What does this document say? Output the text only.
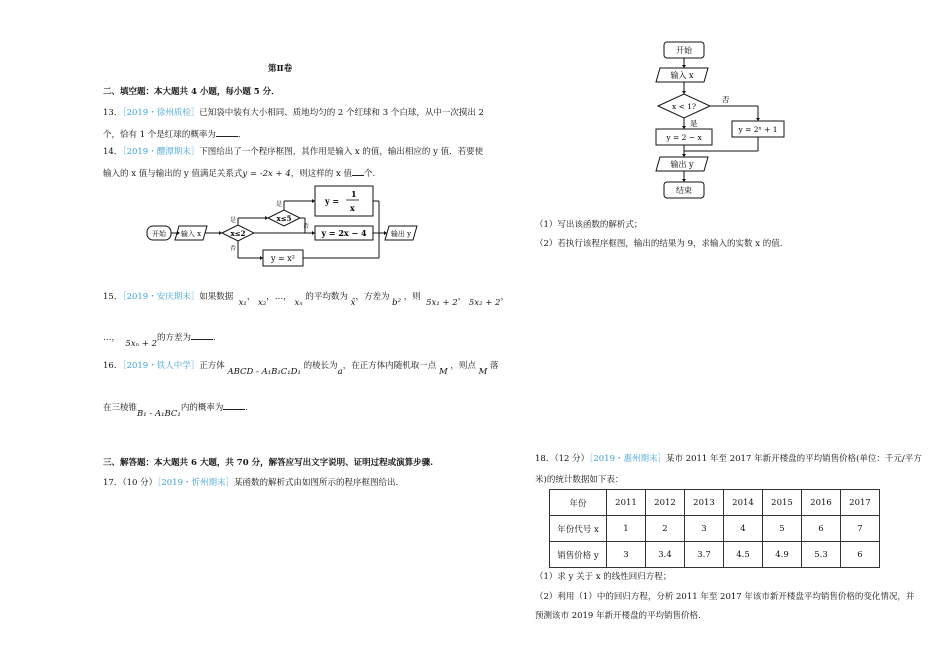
第Ⅱ卷
二、填空题：本大题共 4 小题，每小题 5 分．
13．［2019・徐州质检］已知袋中装有大小相同、质地均匀的 2 个红球和 3 个白球，从中一次摸出 2
个，恰有 1 个是红球的概率为	.
14．［2019・醴潭期末］下图给出了一个程序框图，其作用是输入 x 的值，输出相应的 y 值．若要使
输入的 x 值与输出的 y 值满足关系式y = -2x + 4，则这样的 x 值 个.
开始 输入 x	x≤2
x≤5
是
是
否
否
y =
1
x
y = 2x − 4
y = x²
输出 y
15．［2019・安庆期末］如果数据  x₁， x₂，…， xₙ 的平均数为 x̄，方差为 b² ，则  5x₁ + 2， 5x₂ + 2，
…，  5xₙ + 2的方差为	.
16．［2019・铁人中学］正方体 ABCD - A₁B₁C₁D₁ 的棱长为a，在正方体内随机取一点 M ，则点 M 落
在三棱锥B₁ - A₁BC₁内的概率为	.
三、解答题：本大题共 6 大题，共 70 分，解答应写出文字说明、证明过程或演算步骤.
17．（10 分）［2019・忻州期末］某函数的解析式由如图所示的程序框图给出.
开始
输入 x
x < 1?
否
是
y = 2 − x
y = 2ˣ + 1
输出 y
结束
（1）写出该函数的解析式；
（2）若执行该程序框图，输出的结果为 9，求输入的实数 x 的值.
18．（12 分）［2019・惠州期末］某市 2011 年至 2017 年新开楼盘的平均销售价格(单位：千元/平方
米)的统计数据如下表：
年份	2011	2012	2013	2014	2015	2016	2017
年份代号 x	1	2	3	4	5	6	7
销售价格 y	3	3.4	3.7	4.5	4.9	5.3	6
（1）求 y 关于 x 的线性回归方程；
（2）利用（1）中的回归方程，分析 2011 年至 2017 年该市新开楼盘平均销售价格的变化情况，并
预测该市 2019 年新开楼盘的平均销售价格.
